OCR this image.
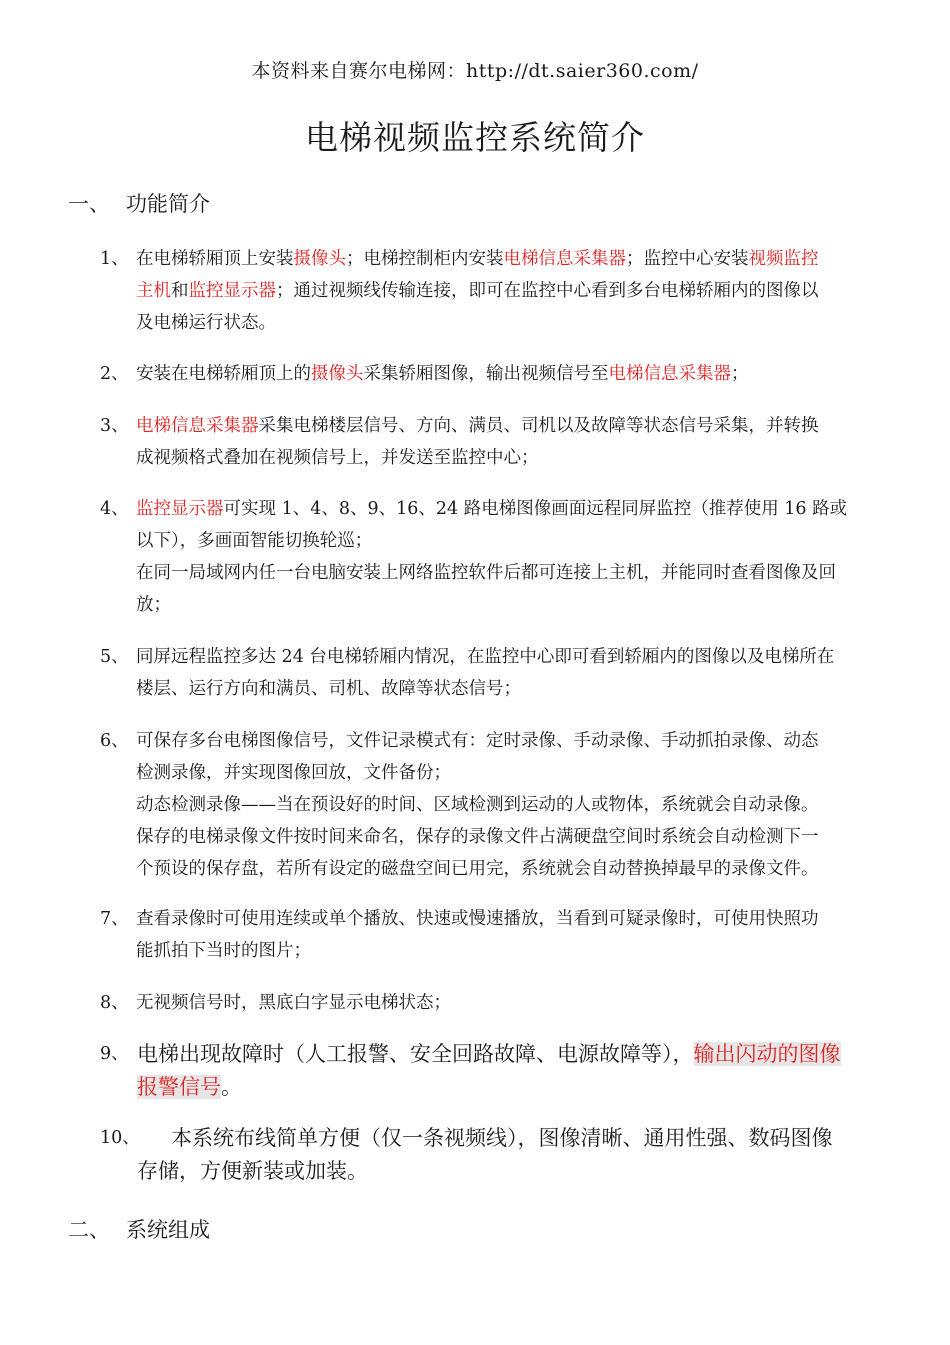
本资料来自赛尔电梯网：http://dt.saier360.com/
电梯视频监控系统简介
一、 功能简介
1、 在电梯轿厢顶上安装摄像头；电梯控制柜内安装电梯信息采集器；监控中心安装视频监控
主机和监控显示器；通过视频线传输连接，即可在监控中心看到多台电梯轿厢内的图像以
及电梯运行状态。
2、 安装在电梯轿厢顶上的摄像头采集轿厢图像，输出视频信号至电梯信息采集器；
3、 电梯信息采集器采集电梯楼层信号、方向、满员、司机以及故障等状态信号采集，并转换
成视频格式叠加在视频信号上，并发送至监控中心；
4、 监控显示器可实现 1、4、8、9、16、24 路电梯图像画面远程同屏监控（推荐使用 16 路或
以下），多画面智能切换轮巡；
在同一局域网内任一台电脑安装上网络监控软件后都可连接上主机，并能同时查看图像及回
放；
5、 同屏远程监控多达 24 台电梯轿厢内情况，在监控中心即可看到轿厢内的图像以及电梯所在
楼层、运行方向和满员、司机、故障等状态信号；
6、 可保存多台电梯图像信号，文件记录模式有：定时录像、手动录像、手动抓拍录像、动态
检测录像，并实现图像回放，文件备份；
动态检测录像——当在预设好的时间、区域检测到运动的人或物体，系统就会自动录像。
保存的电梯录像文件按时间来命名，保存的录像文件占满硬盘空间时系统会自动检测下一
个预设的保存盘，若所有设定的磁盘空间已用完，系统就会自动替换掉最早的录像文件。
7、 查看录像时可使用连续或单个播放、快速或慢速播放，当看到可疑录像时，可使用快照功
能抓拍下当时的图片；
8、 无视频信号时，黑底白字显示电梯状态；
9、 电梯出现故障时（人工报警、安全回路故障、电源故障等），输出闪动的图像
报警信号。
10、	本系统布线简单方便（仅一条视频线），图像清晰、通用性强、数码图像
存储，方便新装或加装。
二、 系统组成
